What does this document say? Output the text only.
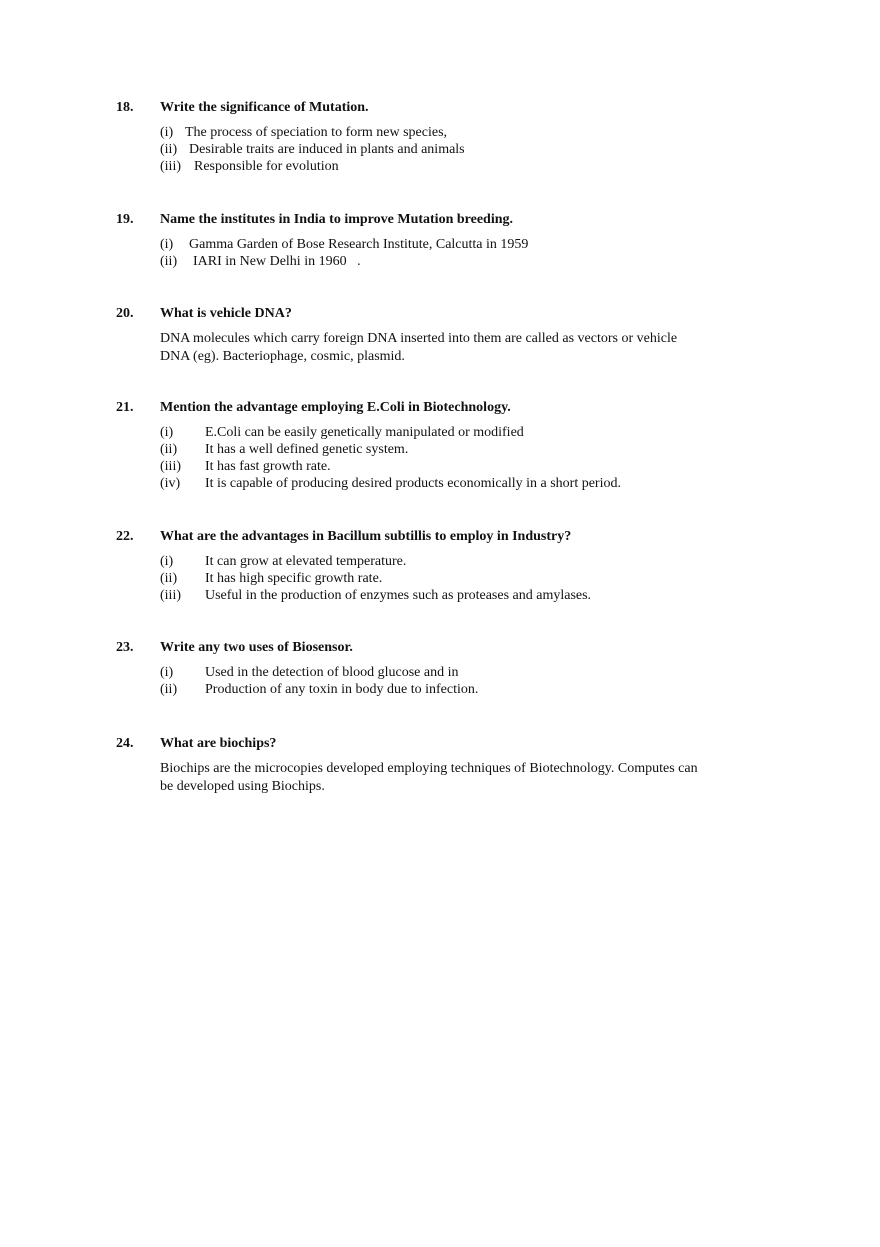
18. Write the significance of Mutation.
(i) The process of speciation to form new species,
(ii) Desirable traits are induced in plants and animals
(iii) Responsible for evolution
19. Name the institutes in India to improve Mutation breeding.
(i) Gamma Garden of Bose Research Institute, Calcutta in 1959
(ii) IARI in New Delhi in 1960   .
20. What is vehicle DNA?
DNA molecules which carry foreign DNA inserted into them are called as vectors or vehicle
DNA (eg). Bacteriophage, cosmic, plasmid.
21. Mention the advantage employing E.Coli in Biotechnology.
(i) E.Coli can be easily genetically manipulated or modified
(ii) It has a well defined genetic system.
(iii) It has fast growth rate.
(iv) It is capable of producing desired products economically in a short period.
22. What are the advantages in Bacillum subtillis to employ in Industry?
(i) It can grow at elevated temperature.
(ii) It has high specific growth rate.
(iii) Useful in the production of enzymes such as proteases and amylases.
23. Write any two uses of Biosensor.
(i) Used in the detection of blood glucose and in
(ii) Production of any toxin in body due to infection.
24. What are biochips?
Biochips are the microcopies developed employing techniques of Biotechnology. Computes can
be developed using Biochips.
